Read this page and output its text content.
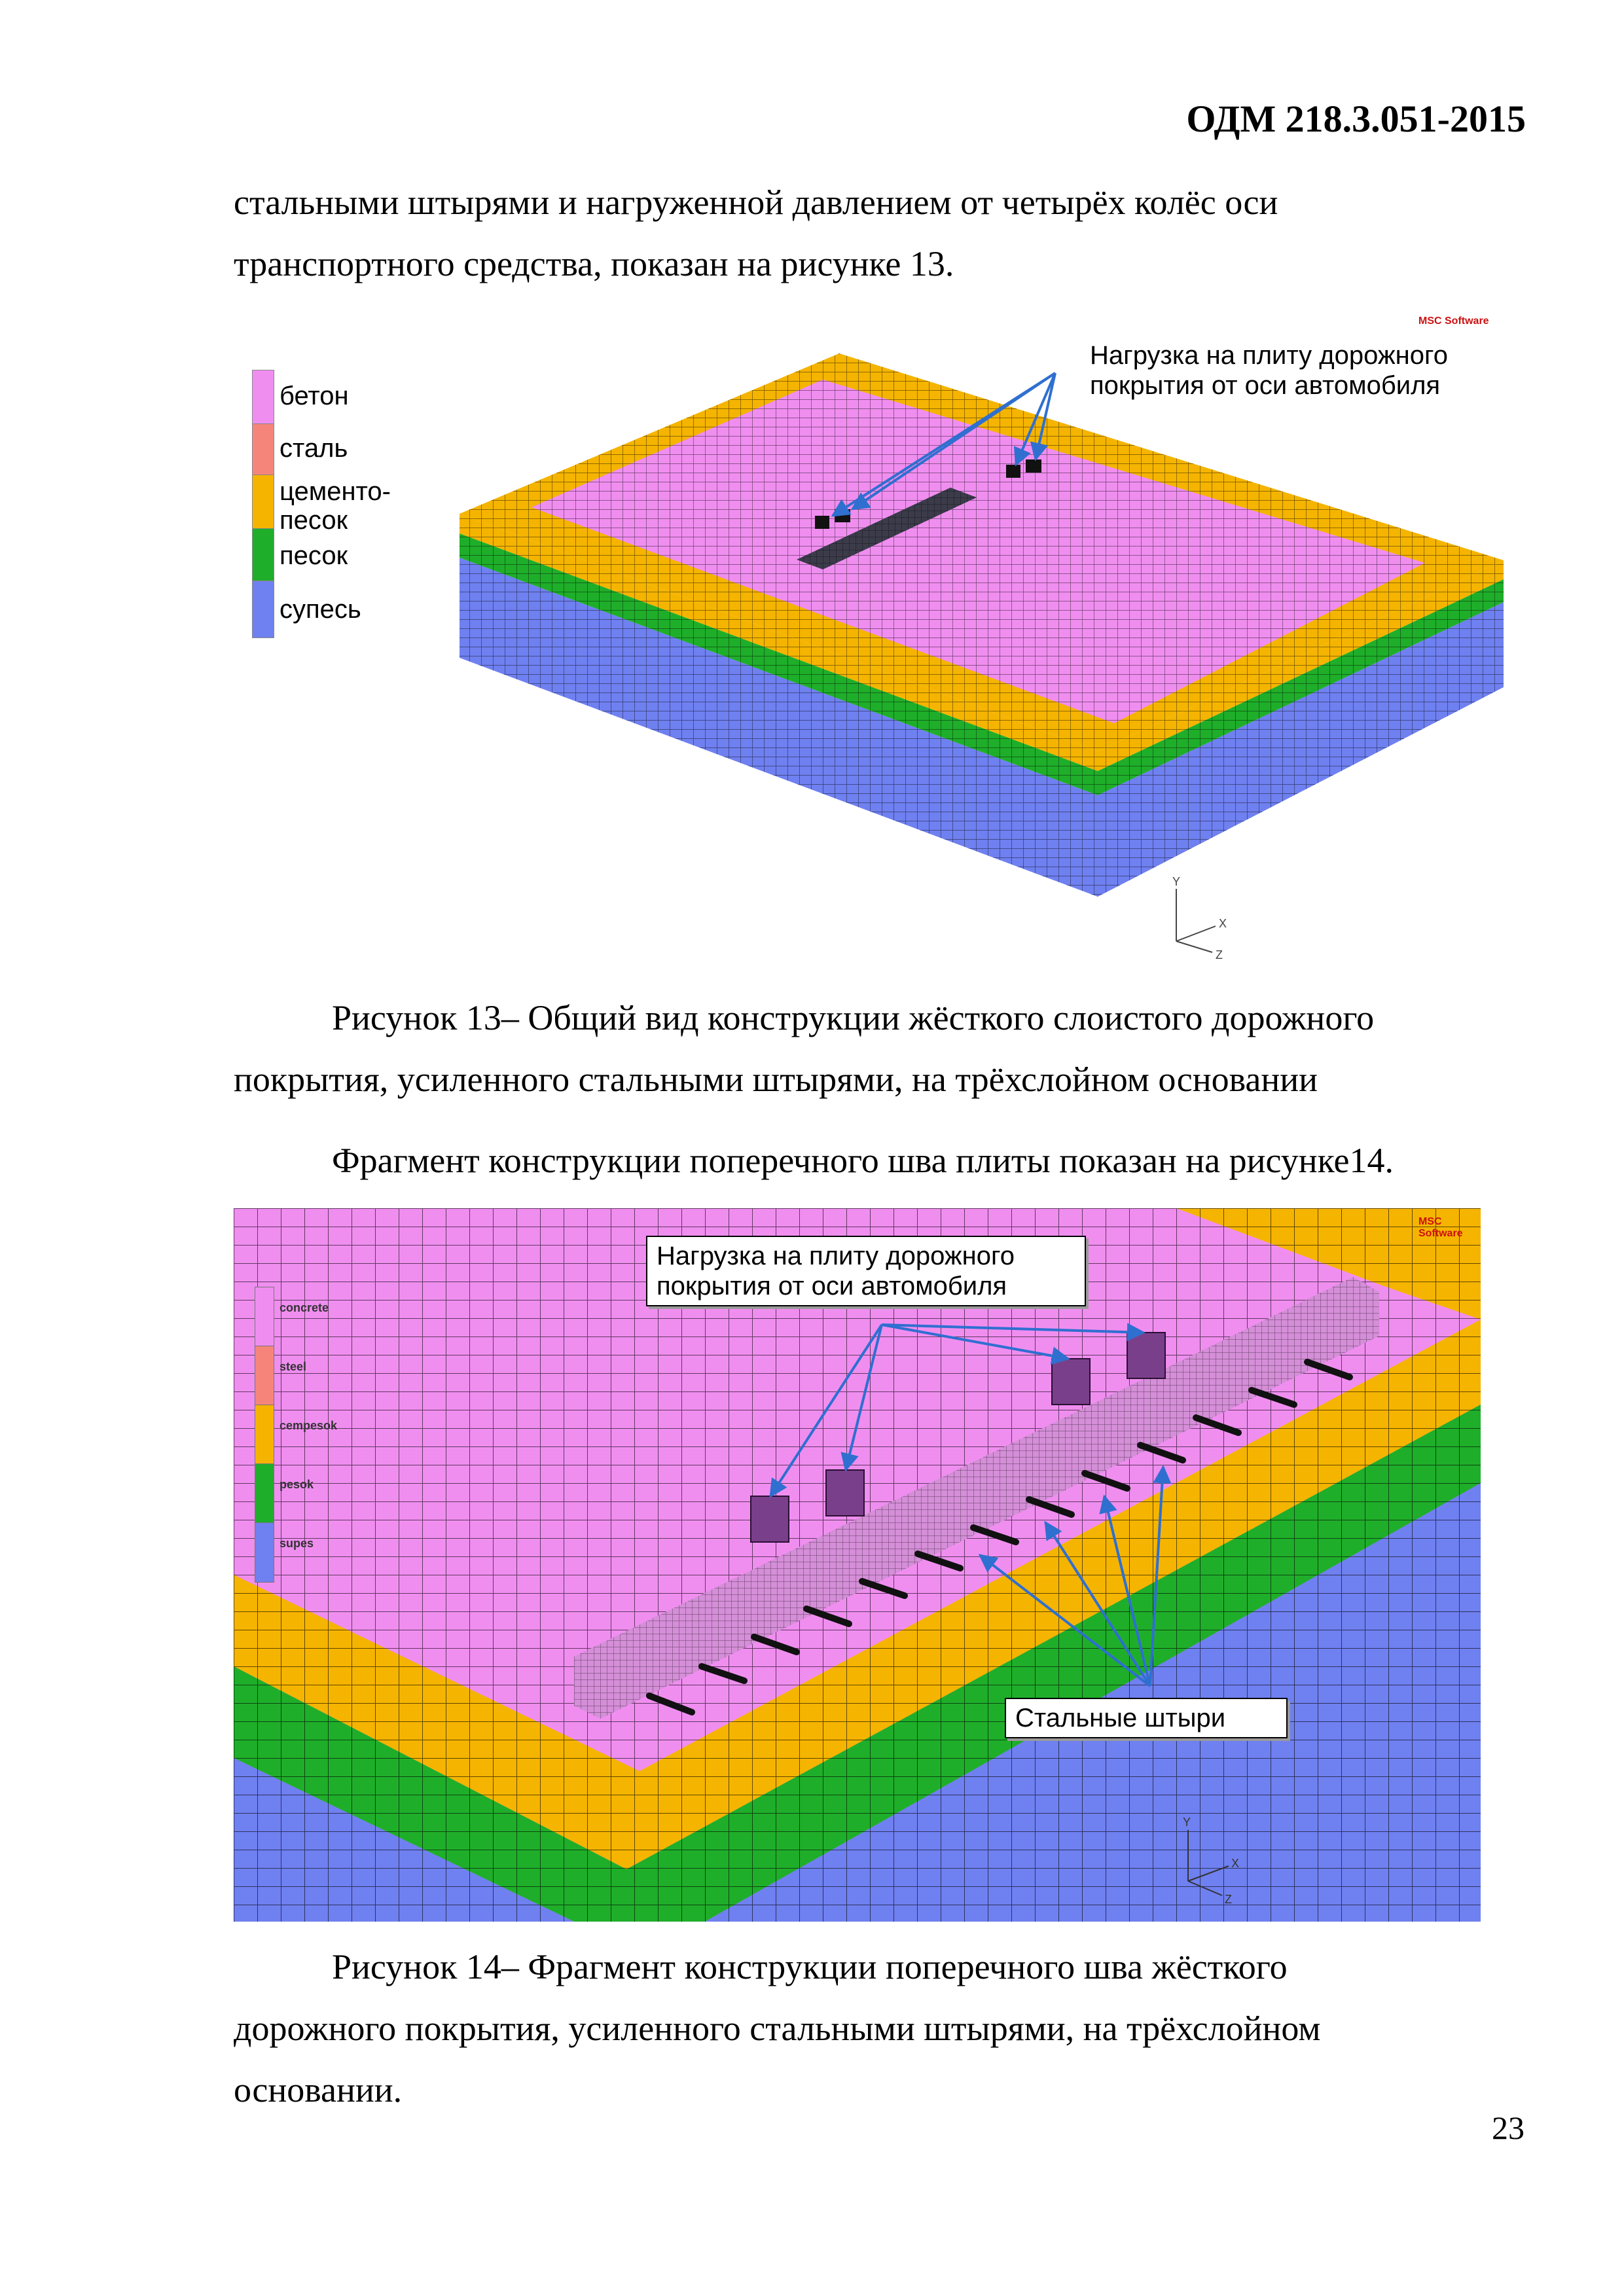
ОДМ 218.3.051-2015

стальными штырями и нагруженной давлением от четырёх колёс оси

транспортного средства, показан на рисунке 13.

Y
X
Z
MSC Software
Нагрузка на плиту дорожного покрытия от оси автомобиля
бетон
сталь
цементо-песок
песок
супесь

Рисунок 13– Общий вид конструкции жёсткого слоистого дорожного

покрытия, усиленного стальными штырями, на трёхслойном основании

Фрагмент конструкции поперечного шва плиты показан на рисунке14.

Y
X
Z
MSC Software
Нагрузка на плиту дорожного покрытия от оси автомобиля
Стальные штыри
concrete
steel
cempesok
pesok
supes

Рисунок 14– Фрагмент конструкции поперечного шва жёсткого

дорожного покрытия, усиленного стальными штырями, на трёхслойном

основании.

23
